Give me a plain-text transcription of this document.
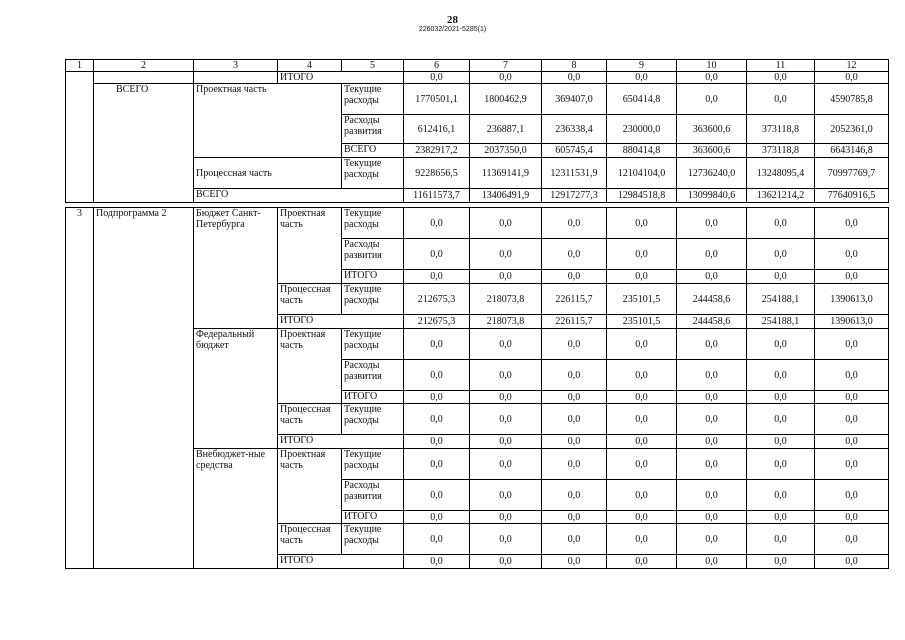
28
226032/2021-5285(1)
1	2	3	4	5	6	7	8	9	10	11	12
			ИТОГО		0,0	0,0	0,0	0,0	0,0	0,0	0,0
	ВСЕГО	Проектная часть		Текущие расходы	1770501,1	1800462,9	369407,0	650414,8	0,0	0,0	4590785,8
				Расходы развития	612416,1	236887,1	236338,4	230000,0	363600,6	373118,8	2052361,0
				ВСЕГО	2382917,2	2037350,0	605745,4	880414,8	363600,6	373118,8	6643146,8
		Процессная часть		Текущие расходы	9228656,5	11369141,9	12311531,9	12104104,0	12736240,0	13248095,4	70997769,7
		ВСЕГО			11611573,7	13406491,9	12917277,3	12984518,8	13099840,6	13621214,2	77640916,5
3	Подпрограмма 2	Бюджет Санкт-Петербурга	Проектная часть	Текущие расходы	0,0	0,0	0,0	0,0	0,0	0,0	0,0
				Расходы развития	0,0	0,0	0,0	0,0	0,0	0,0	0,0
				ИТОГО	0,0	0,0	0,0	0,0	0,0	0,0	0,0
			Процессная часть	Текущие расходы	212675,3	218073,8	226115,7	235101,5	244458,6	254188,1	1390613,0
			ИТОГО		212675,3	218073,8	226115,7	235101,5	244458,6	254188,1	1390613,0

		Федеральный бюджет	Проектная часть	Текущие расходы	0,0	0,0	0,0	0,0	0,0	0,0	0,0
				Расходы развития	0,0	0,0	0,0	0,0	0,0	0,0	0,0
				ИТОГО	0,0	0,0	0,0	0,0	0,0	0,0	0,0
			Процессная часть	Текущие расходы	0,0	0,0	0,0	0,0	0,0	0,0	0,0
			ИТОГО		0,0	0,0	0,0	0,0	0,0	0,0	0,0

		Внебюджет-ные средства	Проектная часть	Текущие расходы	0,0	0,0	0,0	0,0	0,0	0,0	0,0
				Расходы развития	0,0	0,0	0,0	0,0	0,0	0,0	0,0
				ИТОГО	0,0	0,0	0,0	0,0	0,0	0,0	0,0
			Процессная часть	Текущие расходы	0,0	0,0	0,0	0,0	0,0	0,0	0,0
			ИТОГО		0,0	0,0	0,0	0,0	0,0	0,0	0,0
